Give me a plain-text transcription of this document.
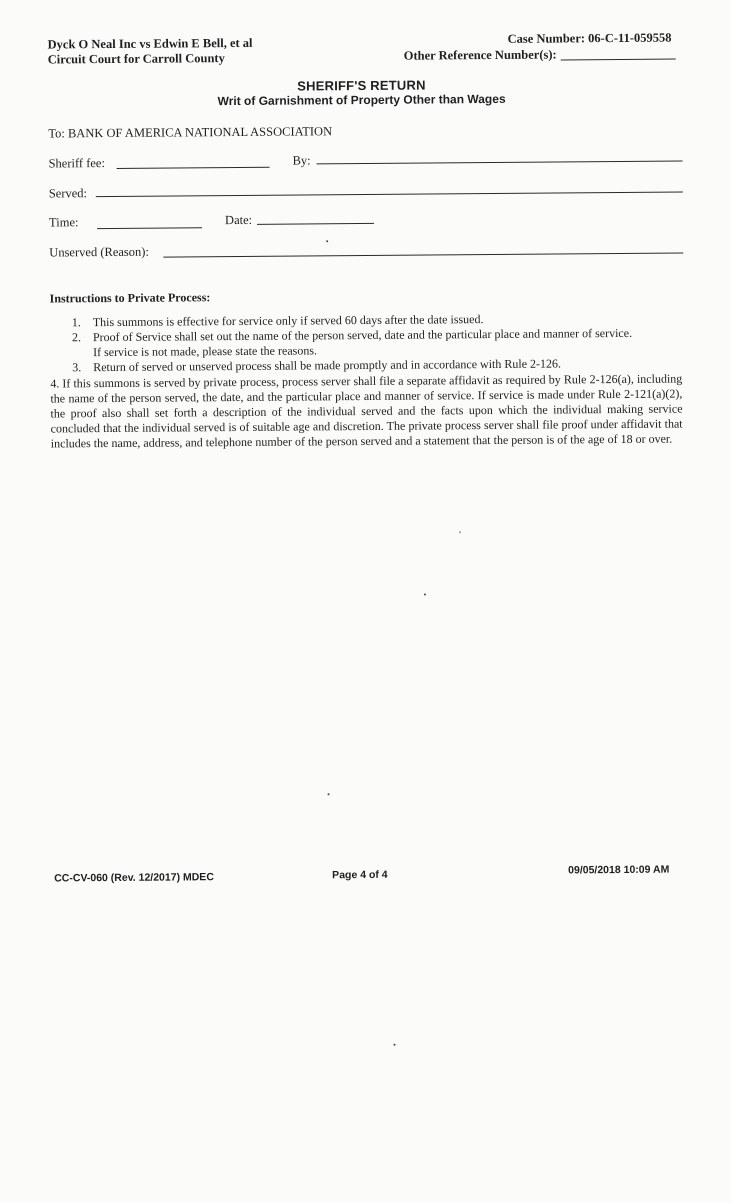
Dyck O Neal Inc vs Edwin E Bell, et al
Circuit Court for Carroll County
Case Number: 06-C-11-059558
Other Reference Number(s):
SHERIFF'S RETURN
Writ of Garnishment of Property Other than Wages
To: BANK OF AMERICA NATIONAL ASSOCIATION
Sheriff fee:	By:
Served:
Time:	Date:
Unserved (Reason):
Instructions to Private Process:
1. This summons is effective for service only if served 60 days after the date issued.
2. Proof of Service shall set out the name of the person served, date and the particular place and manner of service.
If service is not made, please state the reasons.
3. Return of served or unserved process shall be made promptly and in accordance with Rule 2-126.
4. If this summons is served by private process, process server shall file a separate affidavit as required by Rule 2-126(a), including the name of the person served, the date, and the particular place and manner of service. If service is made under Rule 2-121(a)(2), the proof also shall set forth a description of the individual served and the facts upon which the individual making service concluded that the individual served is of suitable age and discretion. The private process server shall file proof under affidavit that includes the name, address, and telephone number of the person served and a statement that the person is of the age of 18 or over.
CC-CV-060 (Rev. 12/2017) MDEC	Page 4 of 4	09/05/2018 10:09 AM
